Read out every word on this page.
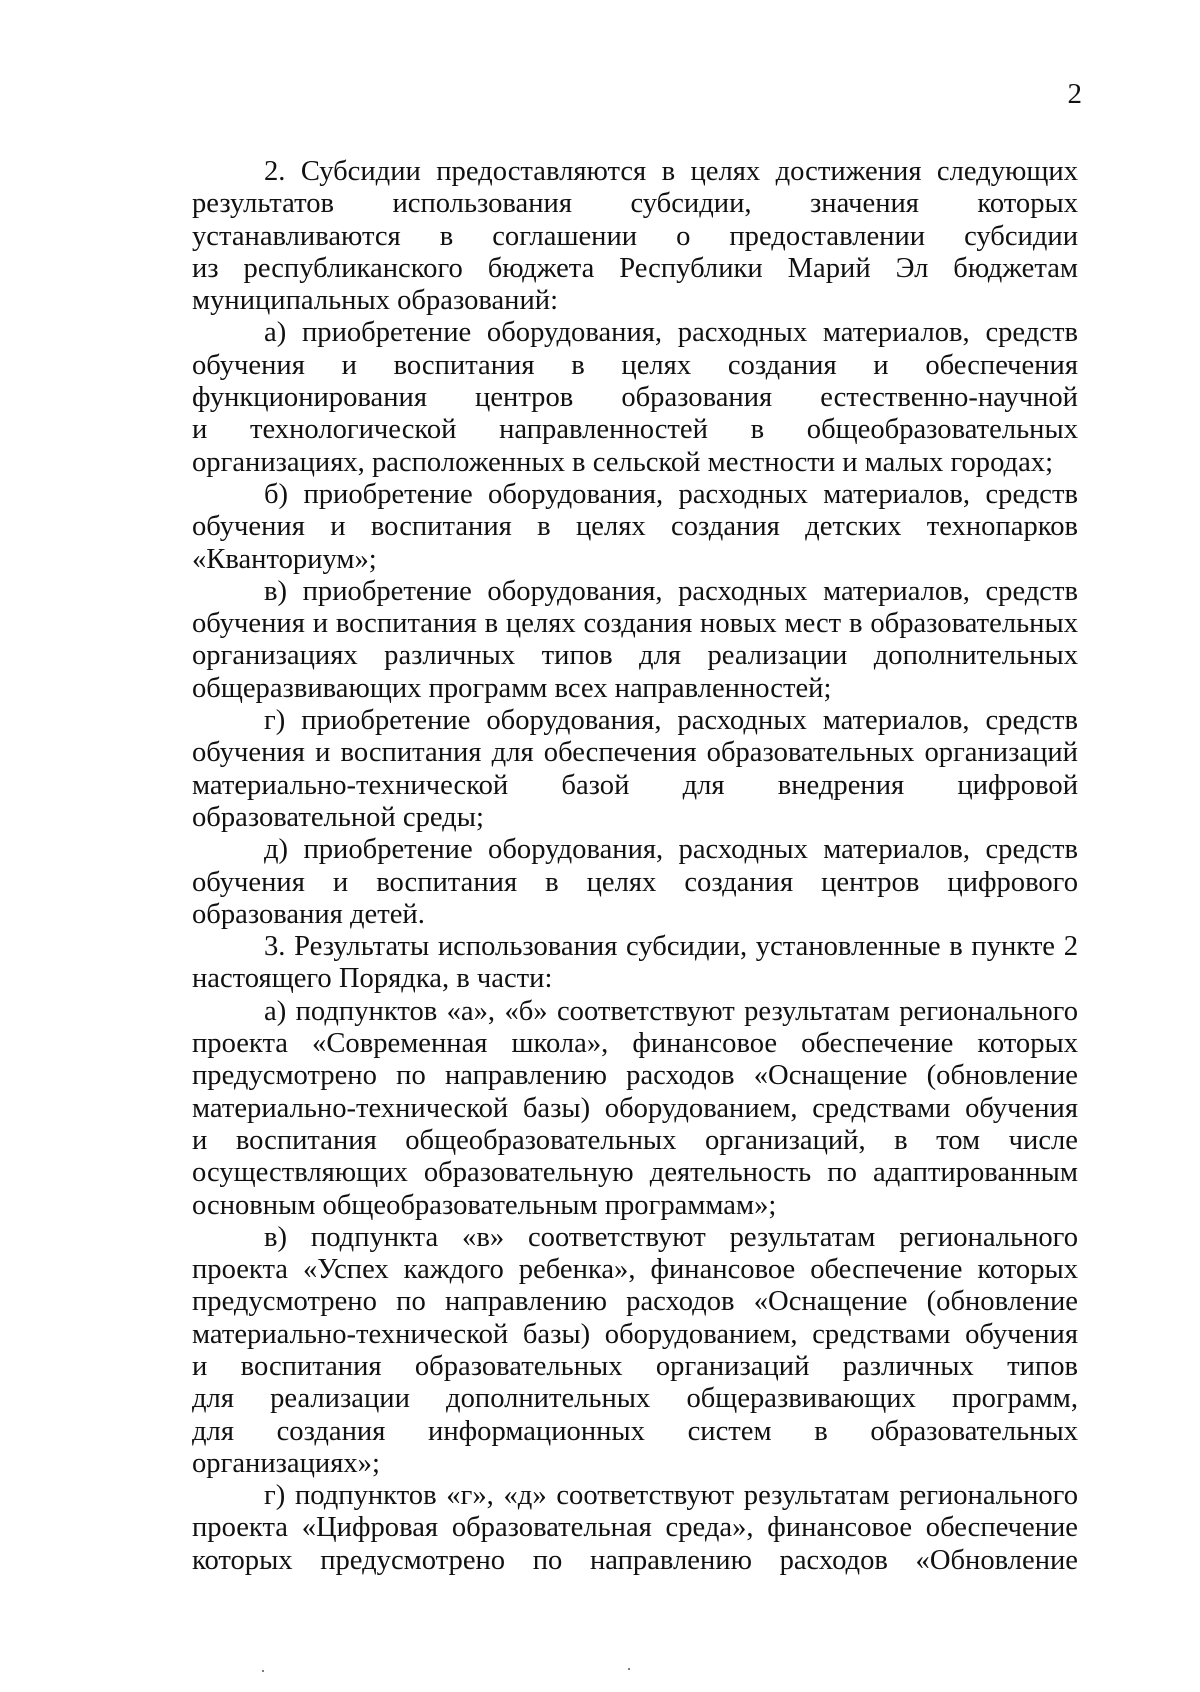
2
2. Субсидии предоставляются в целях достижения следующих
результатов использования субсидии, значения которых
устанавливаются в соглашении о предоставлении субсидии
из республиканского бюджета Республики Марий Эл бюджетам
муниципальных образований:
а) приобретение оборудования, расходных материалов, средств
обучения и воспитания в целях создания и обеспечения
функционирования центров образования естественно-научной
и технологической направленностей в общеобразовательных
организациях, расположенных в сельской местности и малых городах;
б) приобретение оборудования, расходных материалов, средств
обучения и воспитания в целях создания детских технопарков
«Кванториум»;
в) приобретение оборудования, расходных материалов, средств
обучения и воспитания в целях создания новых мест в образовательных
организациях различных типов для реализации дополнительных
общеразвивающих программ всех направленностей;
г) приобретение оборудования, расходных материалов, средств
обучения и воспитания для обеспечения образовательных организаций
материально-технической базой для внедрения цифровой
образовательной среды;
д) приобретение оборудования, расходных материалов, средств
обучения и воспитания в целях создания центров цифрового
образования детей.
3. Результаты использования субсидии, установленные в пункте 2
настоящего Порядка, в части:
а) подпунктов «а», «б» соответствуют результатам регионального
проекта «Современная школа», финансовое обеспечение которых
предусмотрено по направлению расходов «Оснащение (обновление
материально-технической базы) оборудованием, средствами обучения
и воспитания общеобразовательных организаций, в том числе
осуществляющих образовательную деятельность по адаптированным
основным общеобразовательным программам»;
в) подпункта «в» соответствуют результатам регионального
проекта «Успех каждого ребенка», финансовое обеспечение которых
предусмотрено по направлению расходов «Оснащение (обновление
материально-технической базы) оборудованием, средствами обучения
и воспитания образовательных организаций различных типов
для реализации дополнительных общеразвивающих программ,
для создания информационных систем в образовательных
организациях»;
г) подпунктов «г», «д» соответствуют результатам регионального
проекта «Цифровая образовательная среда», финансовое обеспечение
которых предусмотрено по направлению расходов «Обновление
